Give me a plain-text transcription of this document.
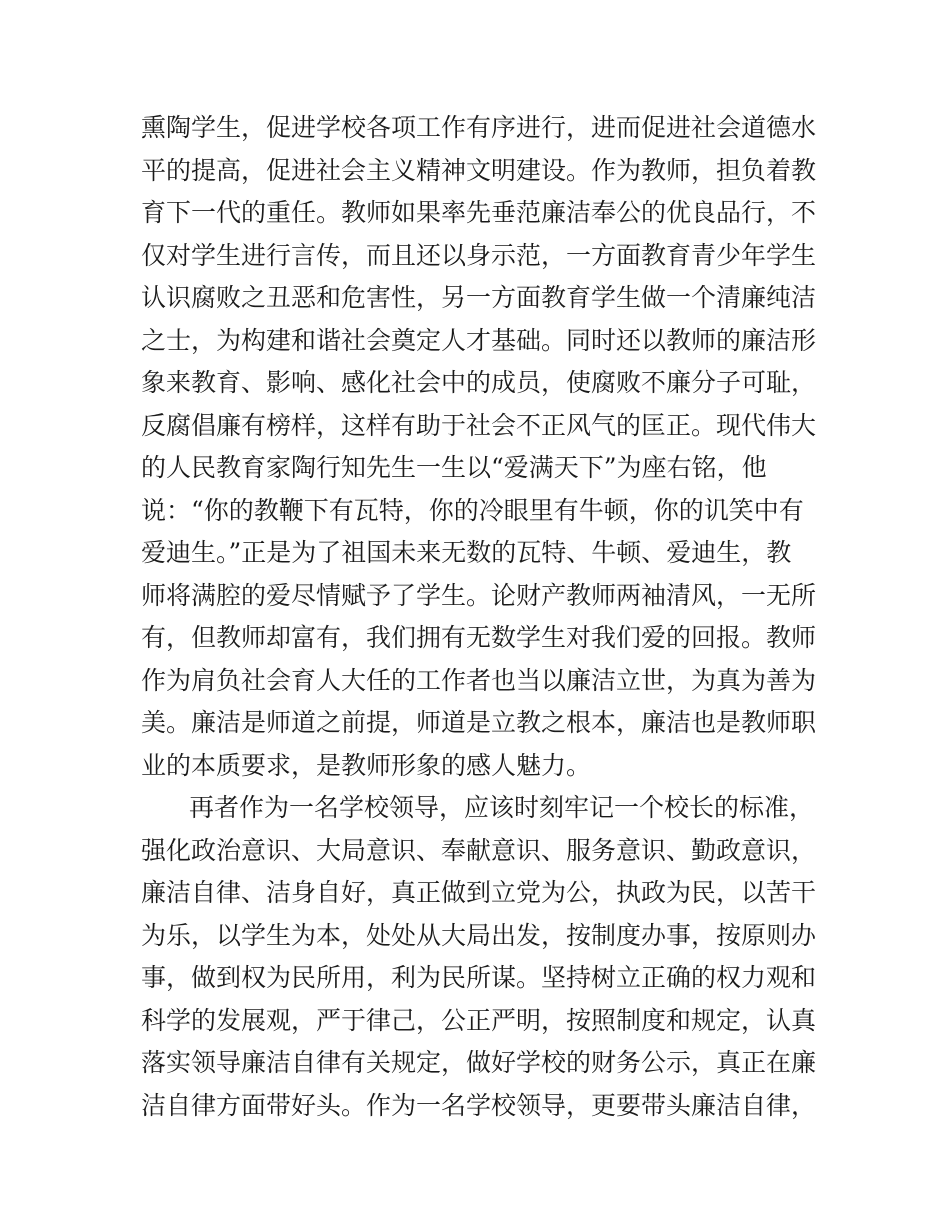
熏陶学生，促进学校各项工作有序进行，进而促进社会道德水
平的提高，促进社会主义精神文明建设。作为教师，担负着教
育下一代的重任。教师如果率先垂范廉洁奉公的优良品行，不
仅对学生进行言传，而且还以身示范，一方面教育青少年学生
认识腐败之丑恶和危害性，另一方面教育学生做一个清廉纯洁
之士，为构建和谐社会奠定人才基础。同时还以教师的廉洁形
象来教育、影响、感化社会中的成员，使腐败不廉分子可耻，
反腐倡廉有榜样，这样有助于社会不正风气的匡正。现代伟大
的人民教育家陶行知先生一生以“爱满天下”为座右铭，他
说：“你的教鞭下有瓦特，你的冷眼里有牛顿，你的讥笑中有
爱迪生。”正是为了祖国未来无数的瓦特、牛顿、爱迪生，教
师将满腔的爱尽情赋予了学生。论财产教师两袖清风，一无所
有，但教师却富有，我们拥有无数学生对我们爱的回报。教师
作为肩负社会育人大任的工作者也当以廉洁立世，为真为善为
美。廉洁是师道之前提，师道是立教之根本，廉洁也是教师职
业的本质要求，是教师形象的感人魅力。
再者作为一名学校领导，应该时刻牢记一个校长的标准，
强化政治意识、大局意识、奉献意识、服务意识、勤政意识，
廉洁自律、洁身自好，真正做到立党为公，执政为民，以苦干
为乐，以学生为本，处处从大局出发，按制度办事，按原则办
事，做到权为民所用，利为民所谋。坚持树立正确的权力观和
科学的发展观，严于律己，公正严明，按照制度和规定，认真
落实领导廉洁自律有关规定，做好学校的财务公示，真正在廉
洁自律方面带好头。作为一名学校领导，更要带头廉洁自律，
